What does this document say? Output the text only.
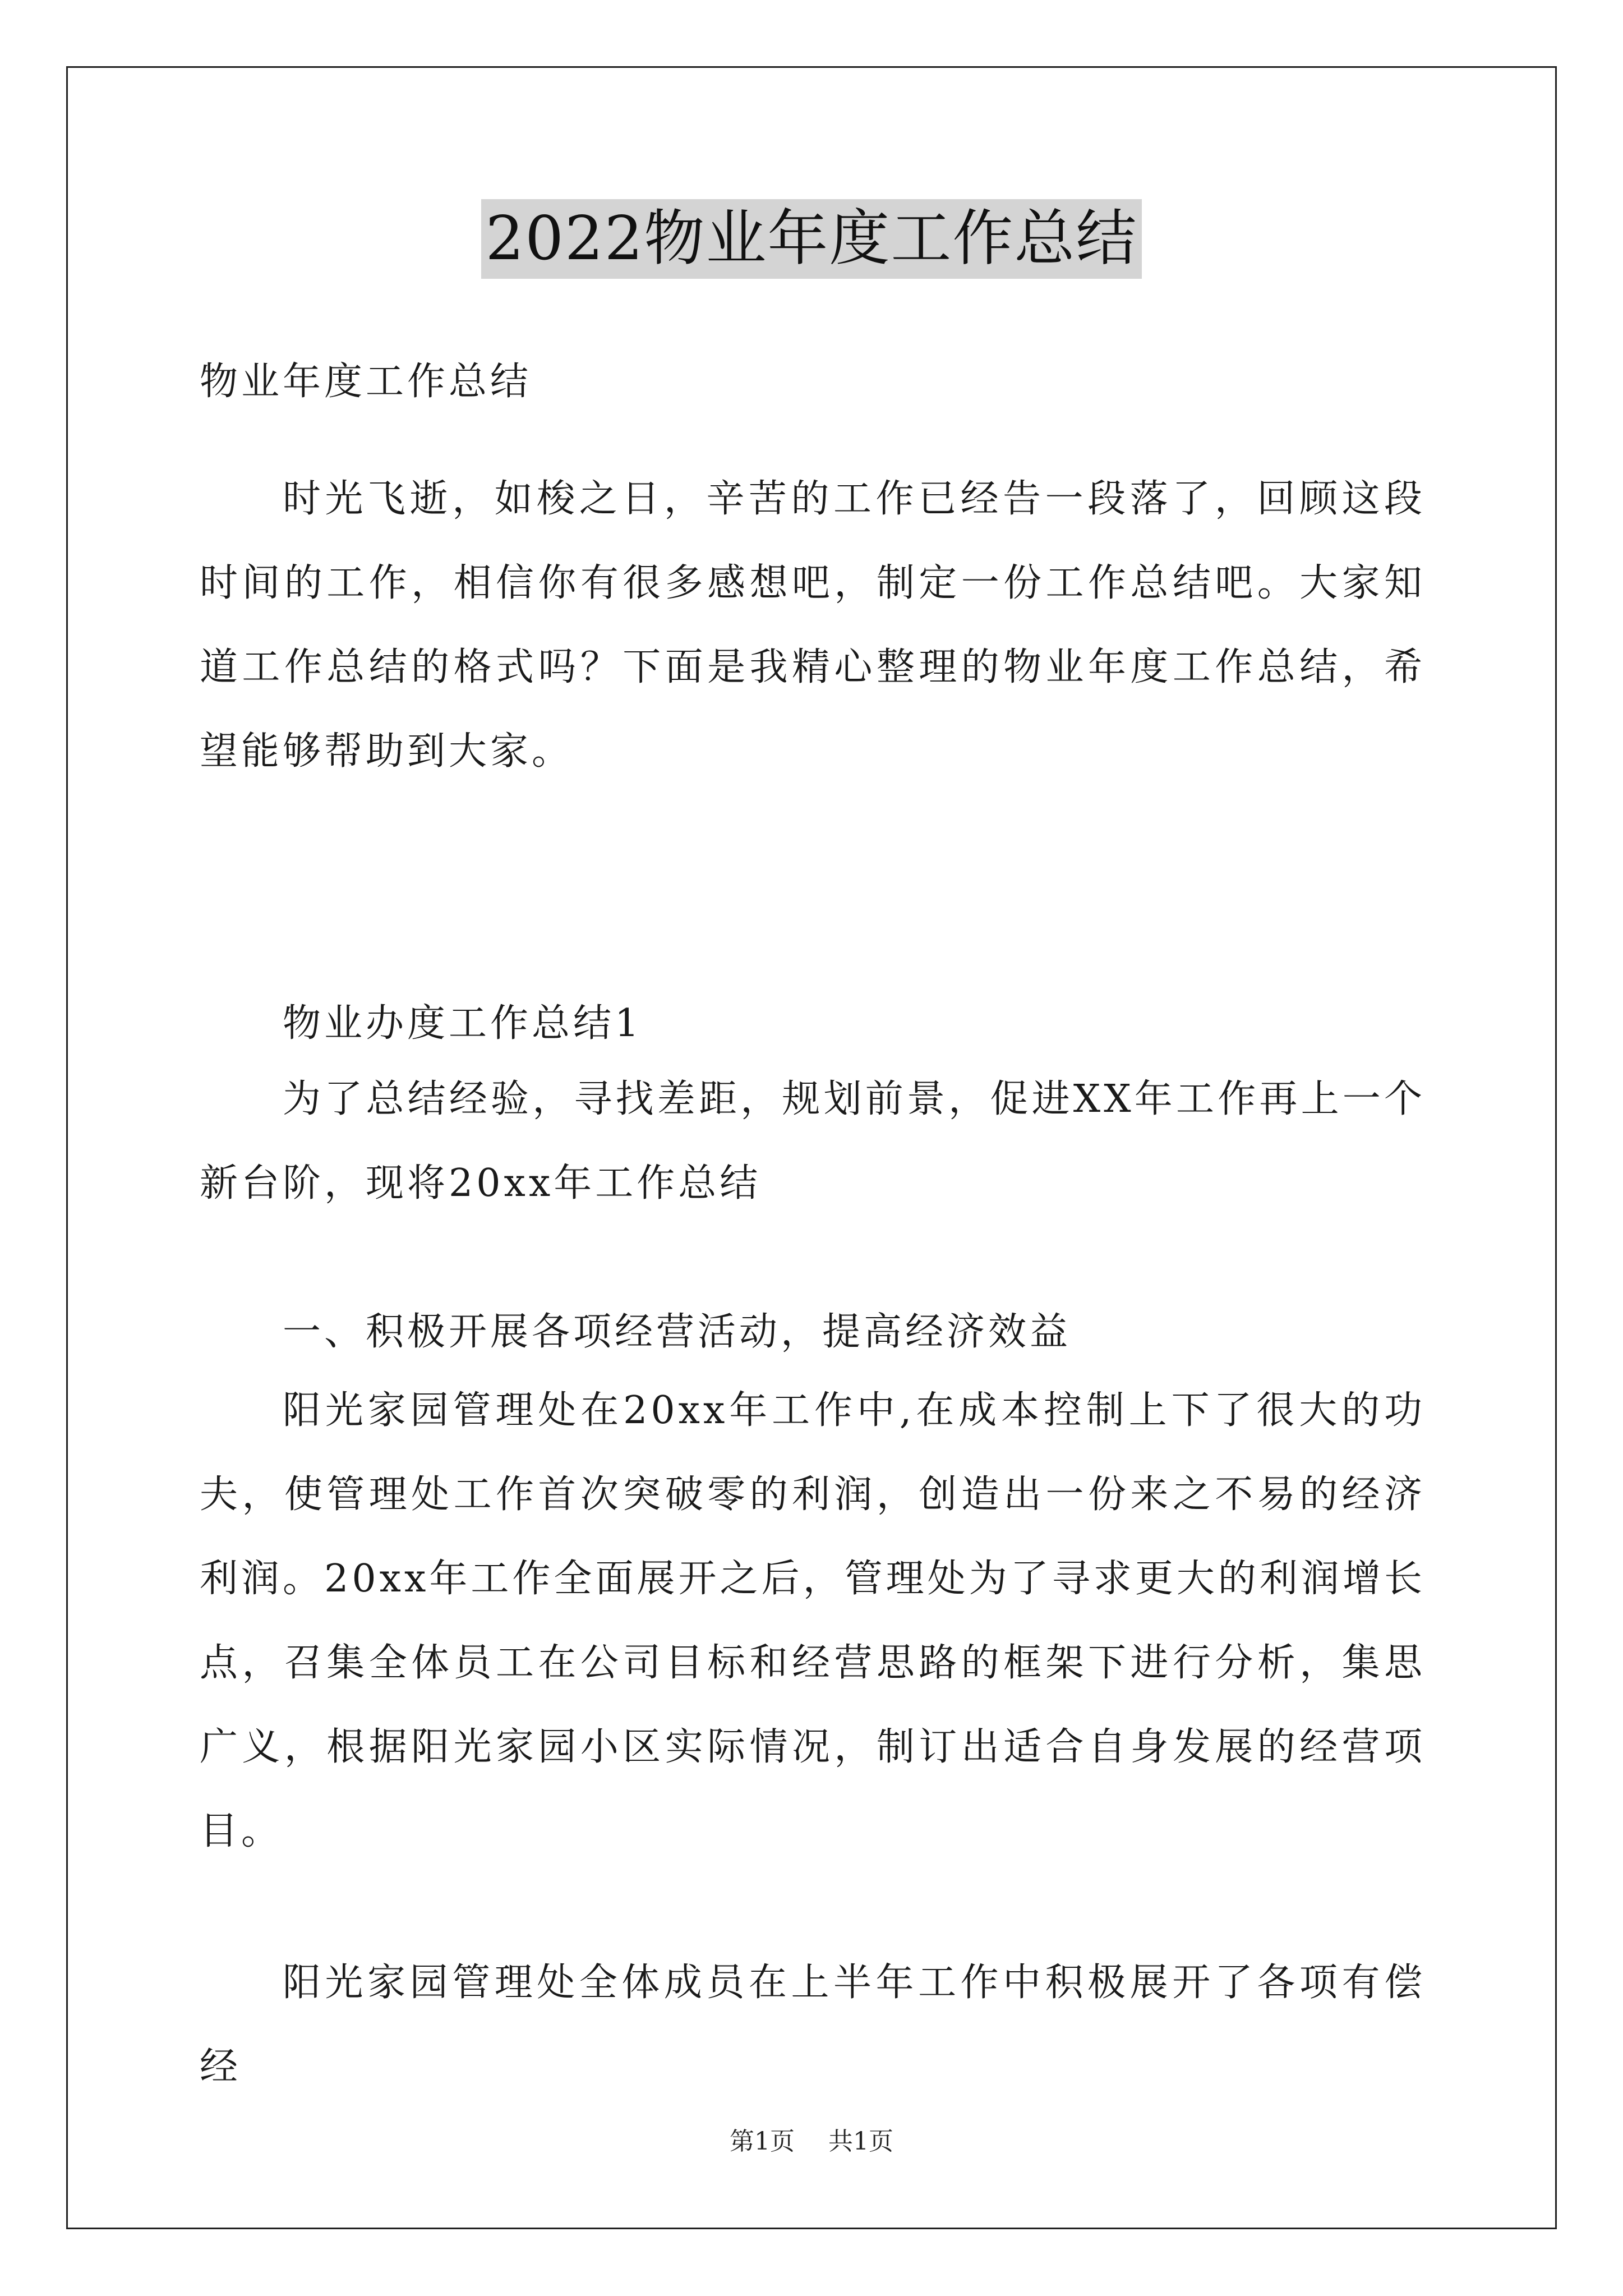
2022物业年度工作总结

物业年度工作总结

时光飞逝，如梭之日，辛苦的工作已经告一段落了，回顾这段时间的工作，相信你有很多感想吧，制定一份工作总结吧。大家知道工作总结的格式吗？下面是我精心整理的物业年度工作总结，希望能够帮助到大家。

物业办度工作总结1

为了总结经验，寻找差距，规划前景，促进XX年工作再上一个新台阶，现将20xx年工作总结

一、积极开展各项经营活动，提高经济效益

阳光家园管理处在20xx年工作中,在成本控制上下了很大的功夫，使管理处工作首次突破零的利润，创造出一份来之不易的经济利润。20xx年工作全面展开之后，管理处为了寻求更大的利润增长点，召集全体员工在公司目标和经营思路的框架下进行分析，集思广义，根据阳光家园小区实际情况，制订出适合自身发展的经营项目。

阳光家园管理处全体成员在上半年工作中积极展开了各项有偿经

第1页 共1页
